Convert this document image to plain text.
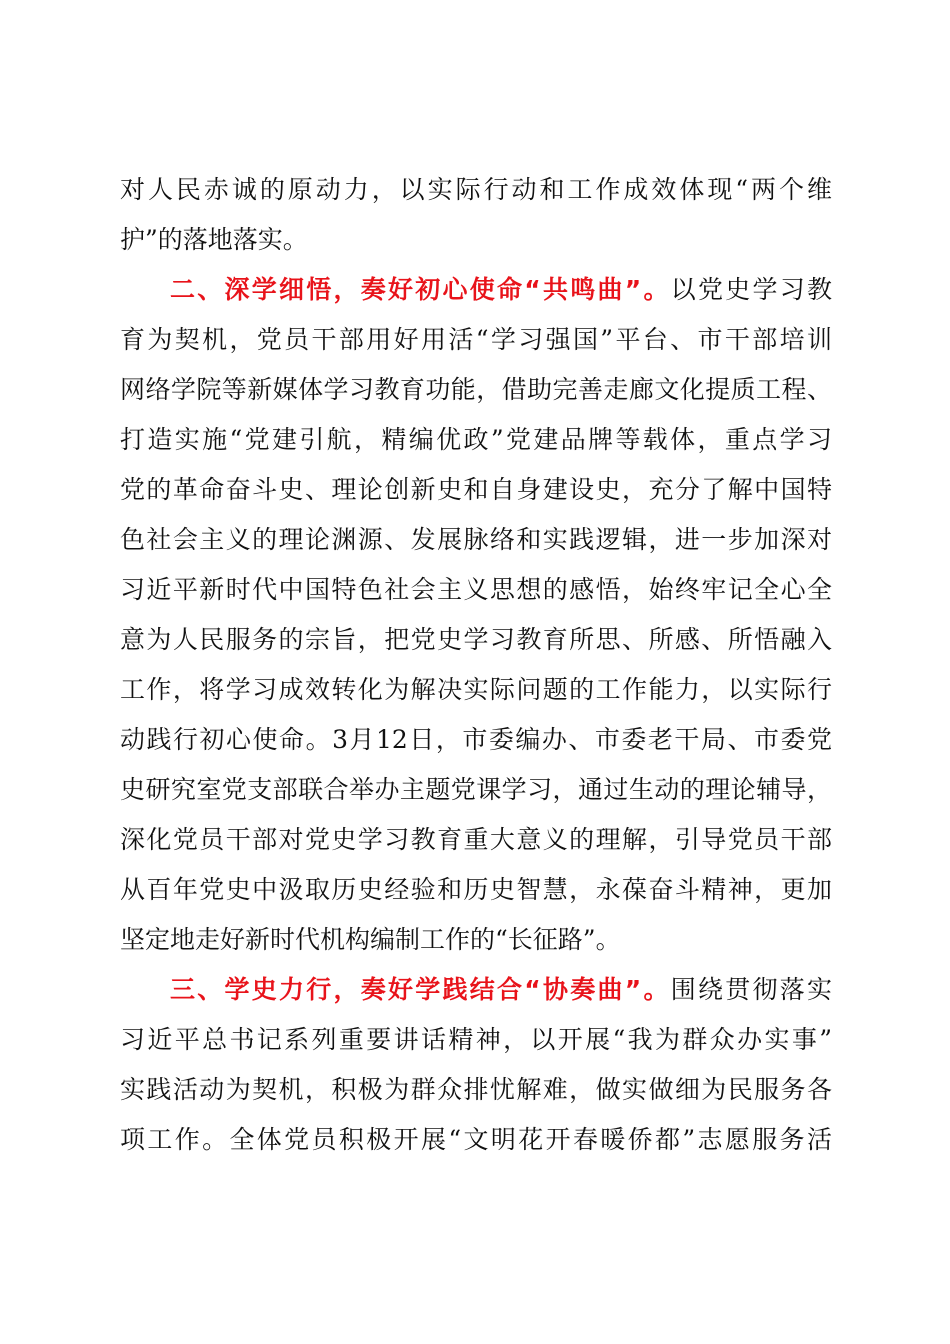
对人民赤诚的原动力，以实际行动和工作成效体现“两个维
护”的落地落实。
二、深学细悟，奏好初心使命“共鸣曲”。以党史学习教
育为契机，党员干部用好用活“学习强国”平台、市干部培训
网络学院等新媒体学习教育功能，借助完善走廊文化提质工程、
打造实施“党建引航，精编优政”党建品牌等载体，重点学习
党的革命奋斗史、理论创新史和自身建设史，充分了解中国特
色社会主义的理论渊源、发展脉络和实践逻辑，进一步加深对
习近平新时代中国特色社会主义思想的感悟，始终牢记全心全
意为人民服务的宗旨，把党史学习教育所思、所感、所悟融入
工作，将学习成效转化为解决实际问题的工作能力，以实际行
动践行初心使命。3月12日，市委编办、市委老干局、市委党
史研究室党支部联合举办主题党课学习，通过生动的理论辅导，
深化党员干部对党史学习教育重大意义的理解，引导党员干部
从百年党史中汲取历史经验和历史智慧，永葆奋斗精神，更加
坚定地走好新时代机构编制工作的“长征路”。
三、学史力行，奏好学践结合“协奏曲”。围绕贯彻落实
习近平总书记系列重要讲话精神，以开展“我为群众办实事”
实践活动为契机，积极为群众排忧解难，做实做细为民服务各
项工作。全体党员积极开展“文明花开春暖侨都”志愿服务活
